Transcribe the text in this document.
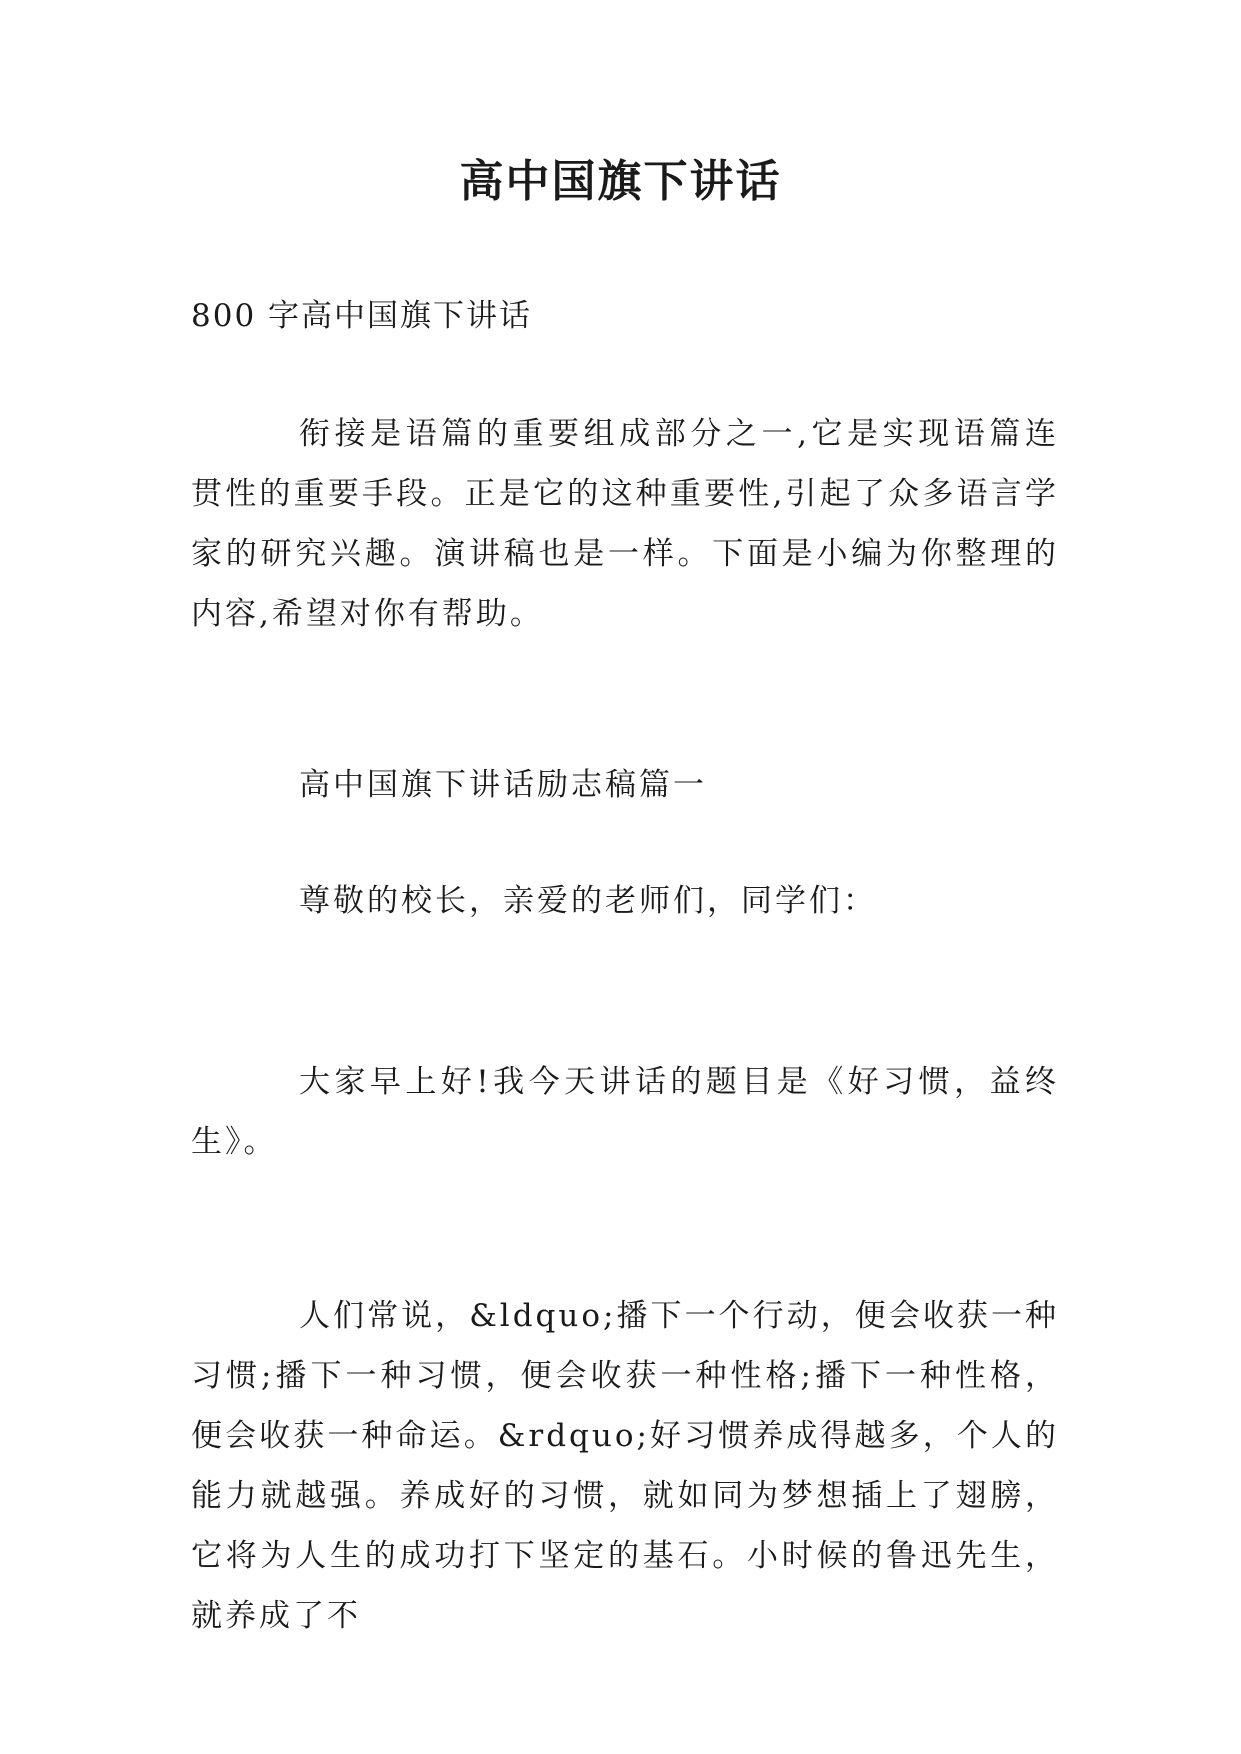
高中国旗下讲话
800 字高中国旗下讲话
衔接是语篇的重要组成部分之一,它是实现语篇连贯性的重要手段。正是它的这种重要性,引起了众多语言学家的研究兴趣。演讲稿也是一样。下面是小编为你整理的内容,希望对你有帮助。
高中国旗下讲话励志稿篇一
尊敬的校长，亲爱的老师们，同学们：
大家早上好!我今天讲话的题目是《好习惯，益终生》。
人们常说，&ldquo;播下一个行动，便会收获一种习惯;播下一种习惯，便会收获一种性格;播下一种性格，便会收获一种命运。&rdquo;好习惯养成得越多，个人的能力就越强。养成好的习惯，就如同为梦想插上了翅膀，它将为人生的成功打下坚定的基石。小时候的鲁迅先生，就养成了不
